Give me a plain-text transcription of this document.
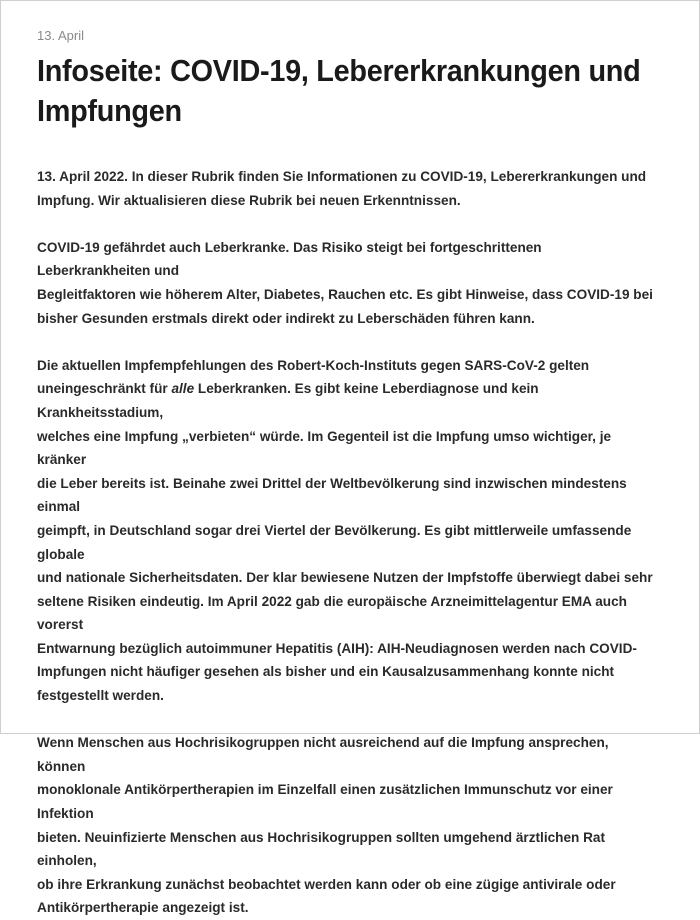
13. April
Infoseite: COVID-19, Lebererkrankungen und
Impfungen

13. April 2022. In dieser Rubrik finden Sie Informationen zu COVID-19, Lebererkrankungen und
Impfung. Wir aktualisieren diese Rubrik bei neuen Erkenntnissen.

COVID-19 gefährdet auch Leberkranke. Das Risiko steigt bei fortgeschrittenen Leberkrankheiten und
Begleitfaktoren wie höherem Alter, Diabetes, Rauchen etc. Es gibt Hinweise, dass COVID-19 bei
bisher Gesunden erstmals direkt oder indirekt zu Leberschäden führen kann.

Die aktuellen Impfempfehlungen des Robert-Koch-Instituts gegen SARS-CoV-2 gelten
uneingeschränkt für alle Leberkranken. Es gibt keine Leberdiagnose und kein Krankheitsstadium,
welches eine Impfung „verbieten“ würde. Im Gegenteil ist die Impfung umso wichtiger, je kränker
die Leber bereits ist. Beinahe zwei Drittel der Weltbevölkerung sind inzwischen mindestens einmal
geimpft, in Deutschland sogar drei Viertel der Bevölkerung. Es gibt mittlerweile umfassende globale
und nationale Sicherheitsdaten. Der klar bewiesene Nutzen der Impfstoffe überwiegt dabei sehr
seltene Risiken eindeutig. Im April 2022 gab die europäische Arzneimittelagentur EMA auch vorerst
Entwarnung bezüglich autoimmuner Hepatitis (AIH): AIH-Neudiagnosen werden nach COVID-
Impfungen nicht häufiger gesehen als bisher und ein Kausalzusammenhang konnte nicht
festgestellt werden.

Wenn Menschen aus Hochrisikogruppen nicht ausreichend auf die Impfung ansprechen, können
monoklonale Antikörpertherapien im Einzelfall einen zusätzlichen Immunschutz vor einer Infektion
bieten. Neuinfizierte Menschen aus Hochrisikogruppen sollten umgehend ärztlichen Rat einholen,
ob ihre Erkrankung zunächst beobachtet werden kann oder ob eine zügige antivirale oder
Antikörpertherapie angezeigt ist.
